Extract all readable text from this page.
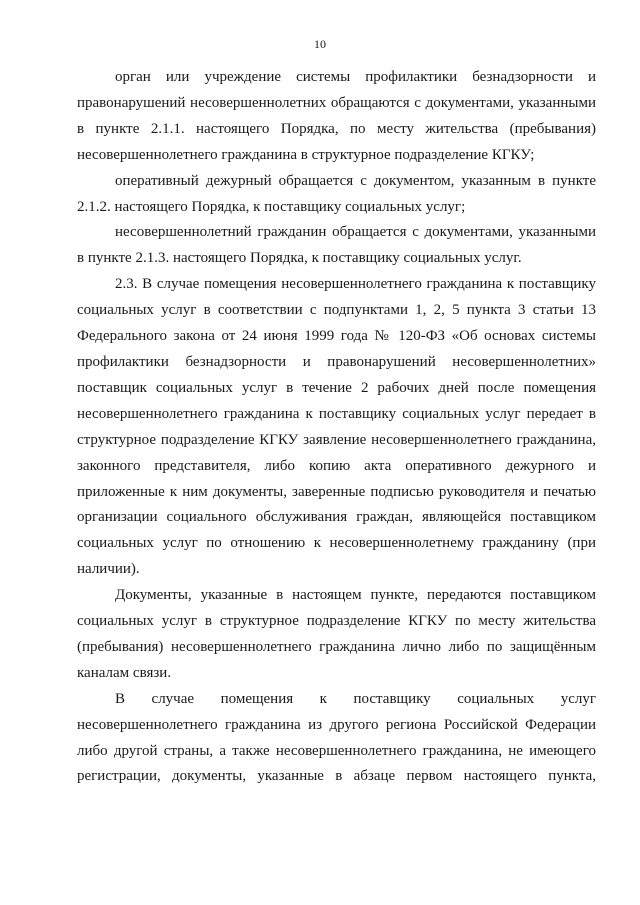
10

орган или учреждение системы профилактики безнадзорности и правонарушений несовершеннолетних обращаются с документами, указанными в пункте 2.1.1. настоящего Порядка, по месту жительства (пребывания) несовершеннолетнего гражданина в структурное подразделение КГКУ;

оперативный дежурный обращается с документом, указанным в пункте 2.1.2. настоящего Порядка, к поставщику социальных услуг;

несовершеннолетний гражданин обращается с документами, указанными в пункте 2.1.3. настоящего Порядка, к поставщику социальных услуг.

2.3. В случае помещения несовершеннолетнего гражданина к поставщику социальных услуг в соответствии с подпунктами 1, 2, 5 пункта 3 статьи 13 Федерального закона от 24 июня 1999 года № 120-ФЗ «Об основах системы профилактики безнадзорности и правонарушений несовершеннолетних» поставщик социальных услуг в течение 2 рабочих дней после помещения несовершеннолетнего гражданина к поставщику социальных услуг передает в структурное подразделение КГКУ заявление несовершеннолетнего гражданина, законного представителя, либо копию акта оперативного дежурного и приложенные к ним документы, заверенные подписью руководителя и печатью организации социального обслуживания граждан, являющейся поставщиком социальных услуг по отношению к несовершеннолетнему гражданину (при наличии).

Документы, указанные в настоящем пункте, передаются поставщиком социальных услуг в структурное подразделение КГКУ по месту жительства (пребывания) несовершеннолетнего гражданина лично либо по защищённым каналам связи.

В случае помещения к поставщику социальных услуг несовершеннолетнего гражданина из другого региона Российской Федерации либо другой страны, а также несовершеннолетнего гражданина, не имеющего регистрации, документы, указанные в абзаце первом настоящего пункта,
